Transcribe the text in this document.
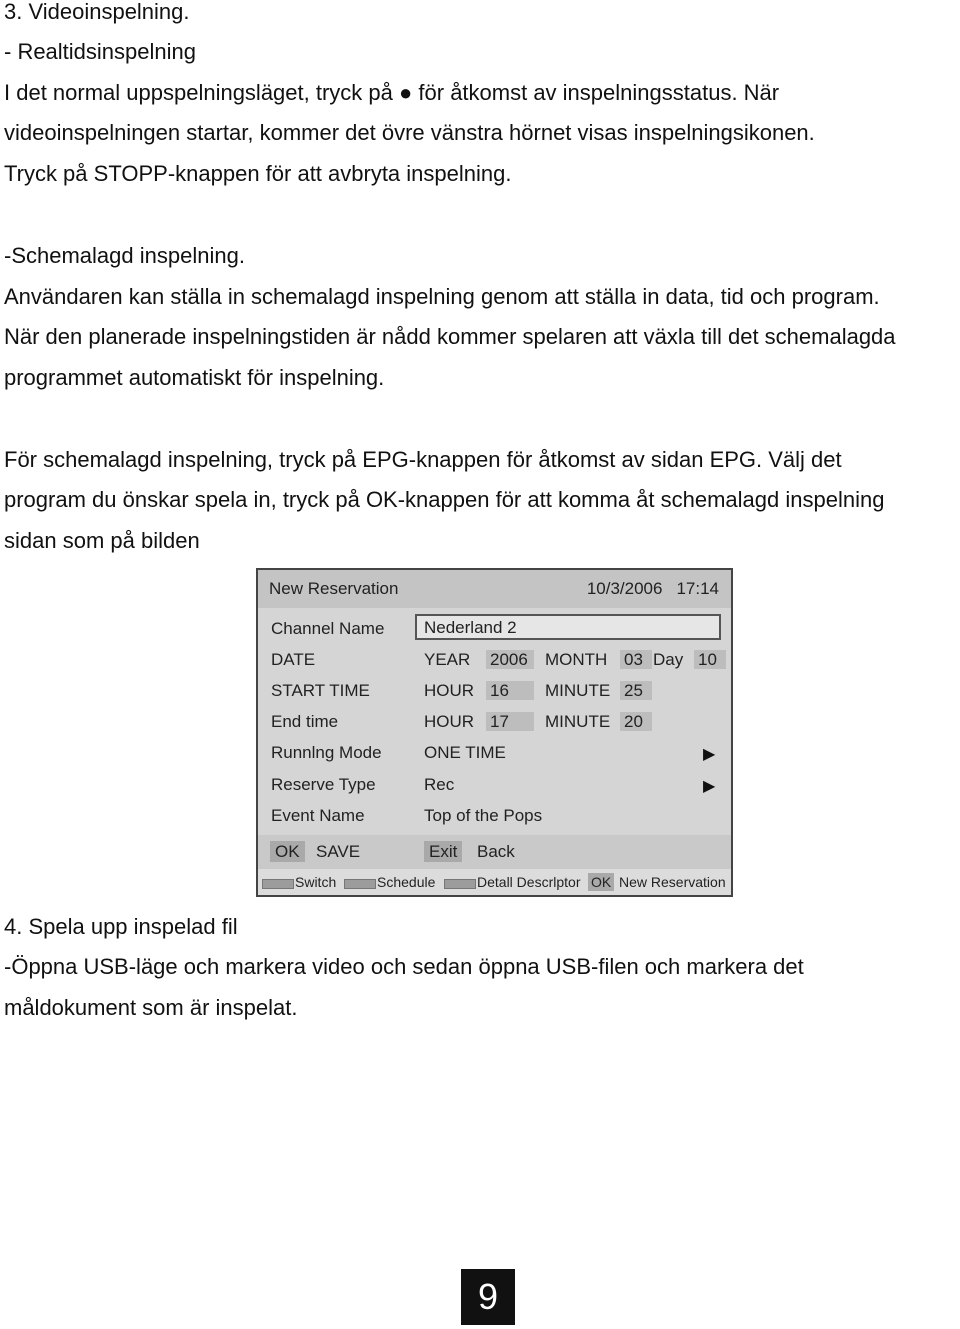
3. Videoinspelning.
- Realtidsinspelning
I det normal uppspelningsläget, tryck på ● för åtkomst av inspelningsstatus. När
videoinspelningen startar, kommer det övre vänstra hörnet visas inspelningsikonen.
Tryck på STOPP-knappen för att avbryta inspelning.
-Schemalagd inspelning.
Användaren kan ställa in schemalagd inspelning genom att ställa in data, tid och program.
När den planerade inspelningstiden är nådd kommer spelaren att växla till det schemalagda
programmet automatiskt för inspelning.
För schemalagd inspelning, tryck på EPG-knappen för åtkomst av sidan EPG. Välj det
program du önskar spela in, tryck på OK-knappen för att komma åt schemalagd inspelning
sidan som på bilden
New Reservation	10/3/2006 17:14
Channel Name Nederland 2
DATE	YEAR 2006	MONTH 03 Day 10
START TIME	HOUR 16	MINUTE 25
End time	HOUR 17	MINUTE 20
Runnlng Mode ONE TIME	▶
Reserve Type	Rec	▶
Event Name	Top of the Pops
OK SAVE	Exit Back
Switch	Schedule	Detall Descrlptor OK New Reservation
4. Spela upp inspelad fil
-Öppna USB-läge och markera video och sedan öppna USB-filen och markera det
måldokument som är inspelat.
9
